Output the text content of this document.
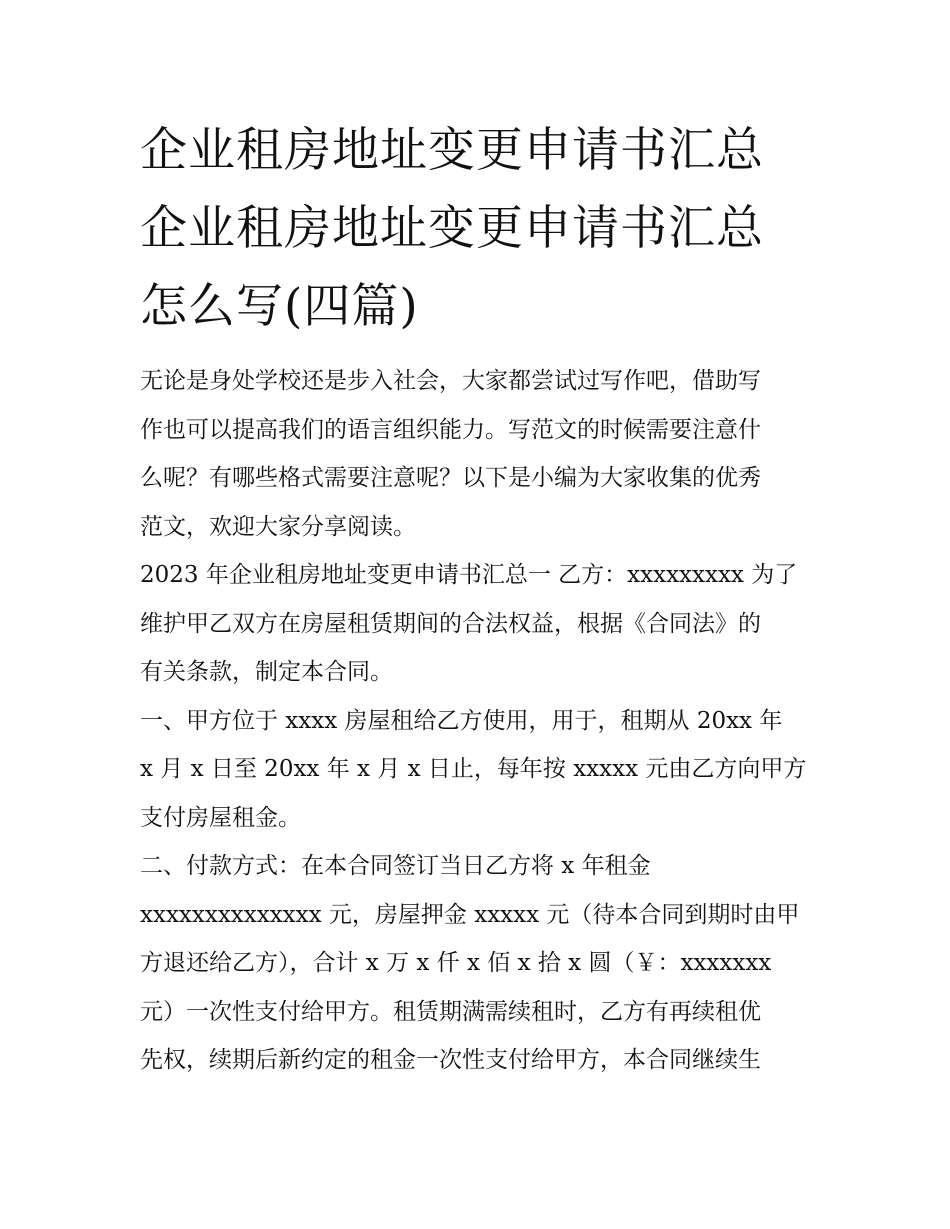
企业租房地址变更申请书汇总
企业租房地址变更申请书汇总
怎么写(四篇)
无论是身处学校还是步入社会，大家都尝试过写作吧，借助写
作也可以提高我们的语言组织能力。写范文的时候需要注意什
么呢？有哪些格式需要注意呢？以下是小编为大家收集的优秀
范文，欢迎大家分享阅读。
2023 年企业租房地址变更申请书汇总一 乙方：xxxxxxxxx 为了
维护甲乙双方在房屋租赁期间的合法权益，根据《合同法》的
有关条款，制定本合同。
一、甲方位于 xxxx 房屋租给乙方使用，用于，租期从 20xx 年
x 月 x 日至 20xx 年 x 月 x 日止，每年按 xxxxx 元由乙方向甲方
支付房屋租金。
二、付款方式：在本合同签订当日乙方将 x 年租金
xxxxxxxxxxxxxx 元，房屋押金 xxxxx 元（待本合同到期时由甲
方退还给乙方），合计 x 万 x 仟 x 佰 x 拾 x 圆（￥：xxxxxxx
元）一次性支付给甲方。租赁期满需续租时，乙方有再续租优
先权，续期后新约定的租金一次性支付给甲方，本合同继续生
